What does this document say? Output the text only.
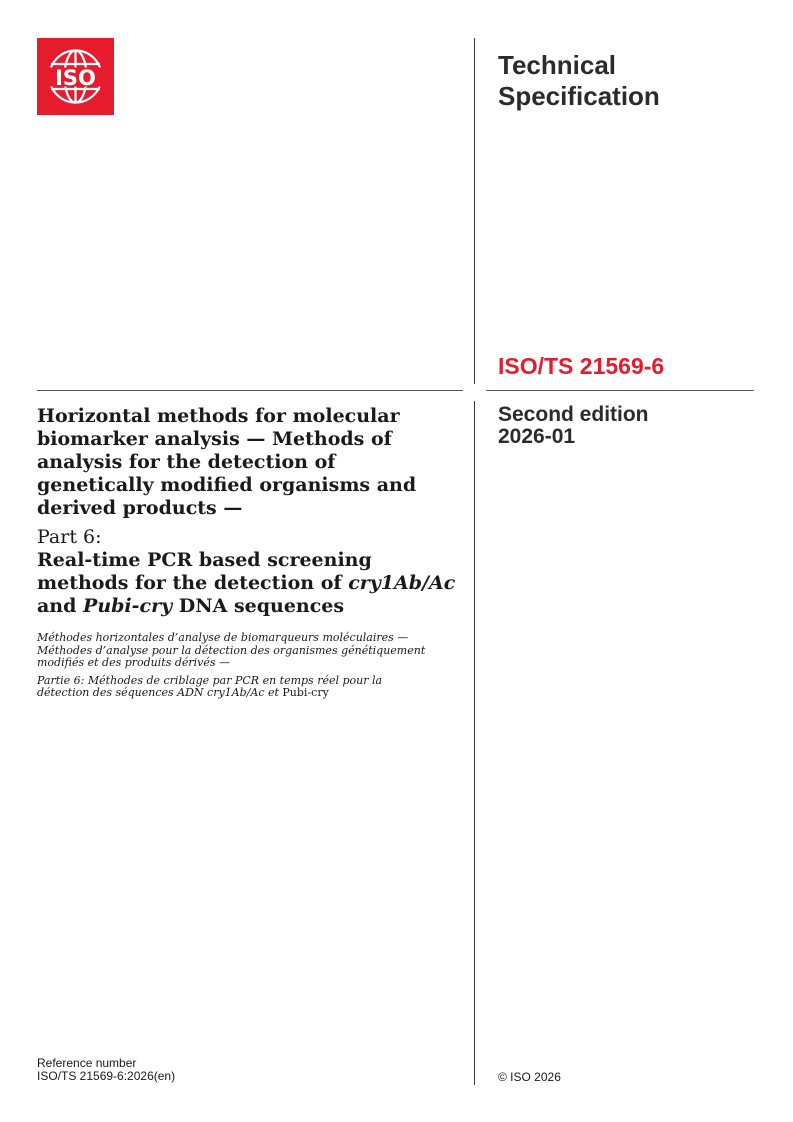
ISO	Technical
Specification
ISO/TS 21569-6
Second edition
2026-01

Horizontal methods for molecular biomarker analysis — Methods of analysis for the detection of genetically modified organisms and derived products —

Part 6:

Real-time PCR based screening methods for the detection of cry1Ab/Ac and Pubi-cry DNA sequences

Méthodes horizontales d’analyse de biomarqueurs moléculaires — Méthodes d’analyse pour la détection des organismes génétiquement modifiés et des produits dérivés —

Partie 6: Méthodes de criblage par PCR en temps réel pour la détection des séquences ADN cry1Ab/Ac et Pubi-cry

Reference number
ISO/TS 21569-6:2026(en)	© ISO 2026
